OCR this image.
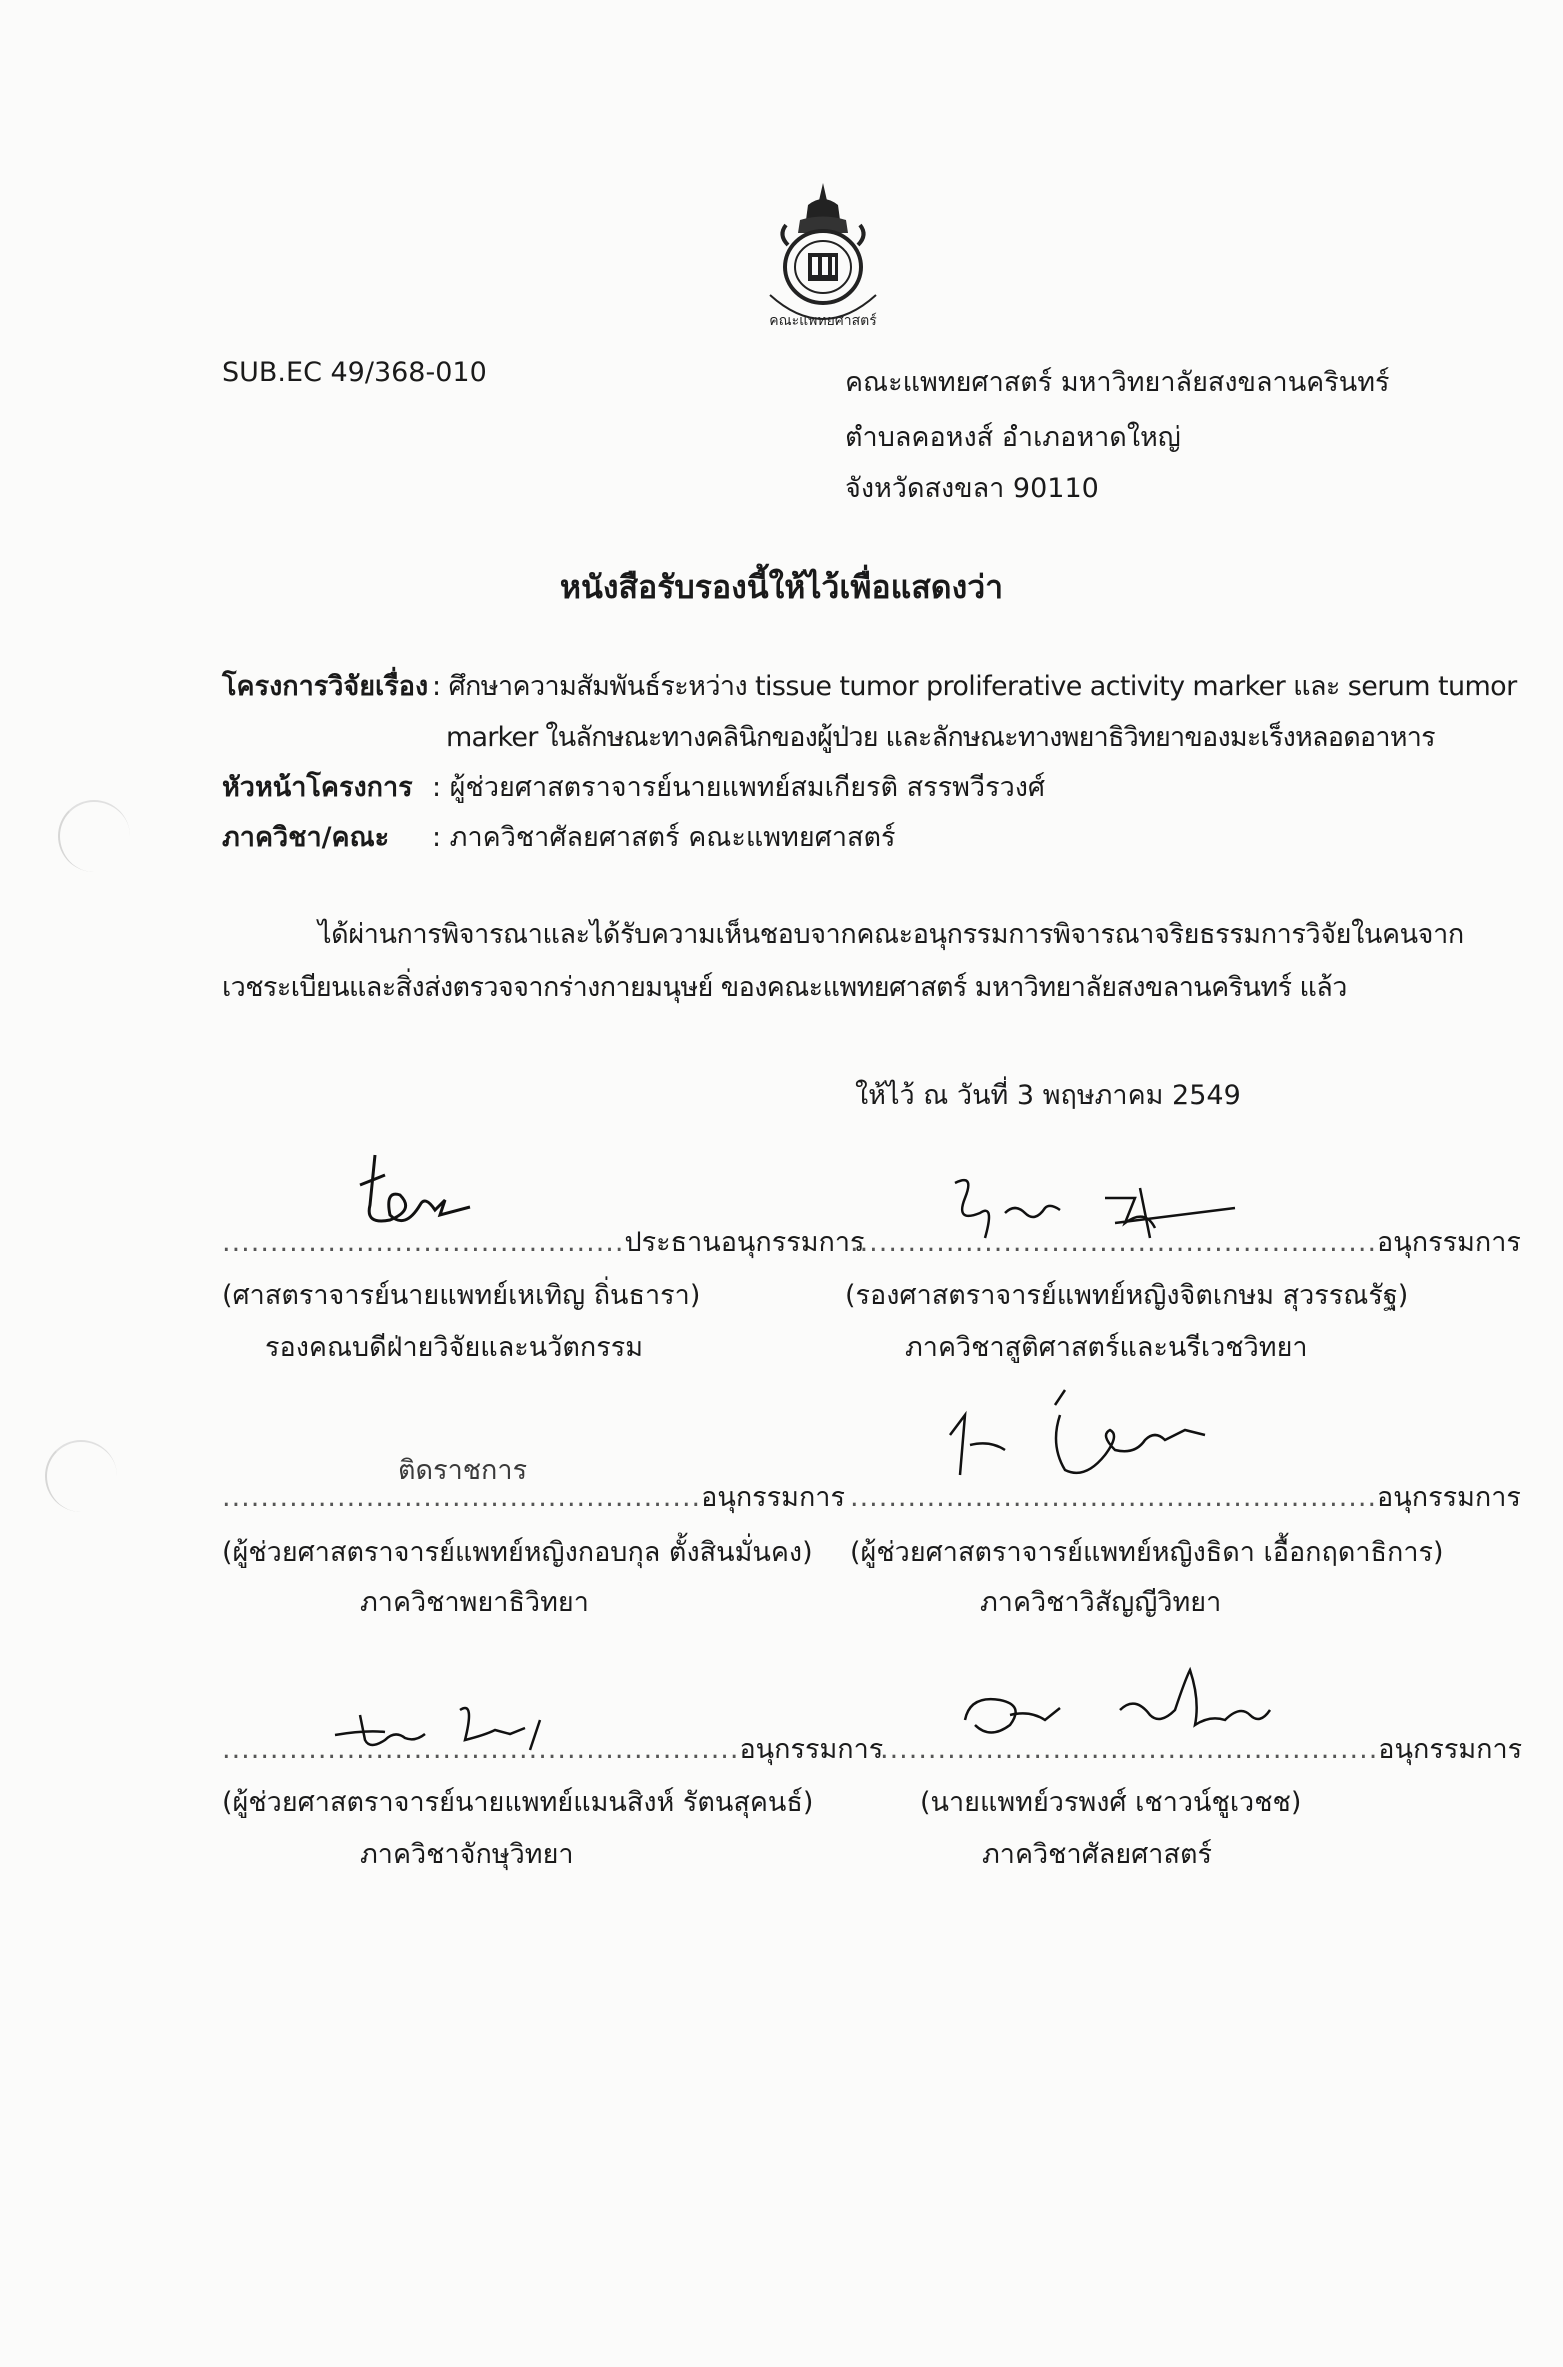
คณะแพทยศาสตร์
SUB.EC 49/368-010	คณะแพทยศาสตร์ มหาวิทยาลัยสงขลานครินทร์
ตำบลคอหงส์ อำเภอหาดใหญ่
จังหวัดสงขลา 90110
หนังสือรับรองนี้ให้ไว้เพื่อแสดงว่า
โครงการวิจัยเรื่อง : ศึกษาความสัมพันธ์ระหว่าง tissue tumor proliferative activity marker และ serum tumor
marker ในลักษณะทางคลินิกของผู้ป่วย และลักษณะทางพยาธิวิทยาของมะเร็งหลอดอาหาร
หัวหน้าโครงการ : ผู้ช่วยศาสตราจารย์นายแพทย์สมเกียรติ สรรพวีรวงศ์
ภาควิชา/คณะ : ภาควิชาศัลยศาสตร์ คณะแพทยศาสตร์
ได้ผ่านการพิจารณาและได้รับความเห็นชอบจากคณะอนุกรรมการพิจารณาจริยธรรมการวิจัยในคนจาก
เวชระเบียนและสิ่งส่งตรวจจากร่างกายมนุษย์ ของคณะแพทยศาสตร์ มหาวิทยาลัยสงขลานครินทร์ แล้ว
ให้ไว้ ณ วันที่ 3 พฤษภาคม 2549
..........................................ประธานอนุกรรมการ
(ศาสตราจารย์นายแพทย์เหเทิญ ถิ่นธารา)
รองคณบดีฝ่ายวิจัยและนวัตกรรม
.......................................................อนุกรรมการ
(รองศาสตราจารย์แพทย์หญิงจิตเกษม สุวรรณรัฐ)
ภาควิชาสูติศาสตร์และนรีเวชวิทยา
ติดราชการ
..................................................อนุกรรมการ
(ผู้ช่วยศาสตราจารย์แพทย์หญิงกอบกุล ตั้งสินมั่นคง)
ภาควิชาพยาธิวิทยา
.......................................................อนุกรรมการ
(ผู้ช่วยศาสตราจารย์แพทย์หญิงธิดา เอื้อกฤดาธิการ)
ภาควิชาวิสัญญีวิทยา
......................................................อนุกรรมการ
(ผู้ช่วยศาสตราจารย์นายแพทย์แมนสิงห์ รัตนสุคนธ์)
ภาควิชาจักษุวิทยา
....................................................อนุกรรมการ
(นายแพทย์วรพงศ์ เชาวน์ชูเวชช)
ภาควิชาศัลยศาสตร์
